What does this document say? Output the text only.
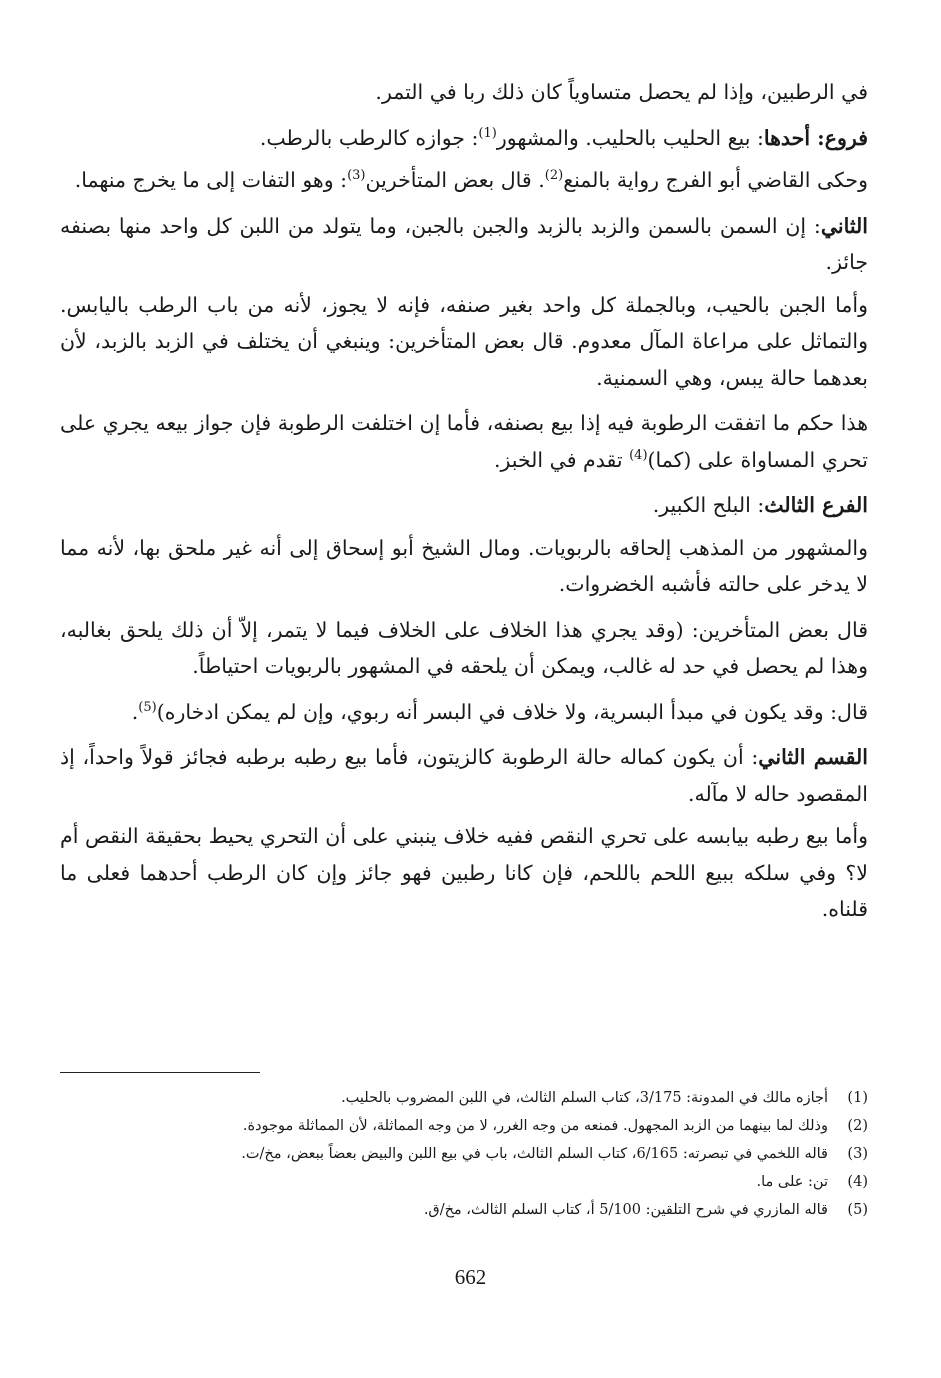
في الرطبين، وإذا لم يحصل متساوياً كان ذلك ربا في التمر.

فروع: أحدها: بيع الحليب بالحليب. والمشهور$^{(1)}$: جوازه كالرطب بالرطب.

وحكى القاضي أبو الفرج رواية بالمنع$^{(2)}$. قال بعض المتأخرين$^{(3)}$: وهو التفات إلى ما يخرج منهما.

الثاني: إن السمن بالسمن والزبد بالزبد والجبن بالجبن، وما يتولد من اللبن كل واحد منها بصنفه جائز.

وأما الجبن بالحيب، وبالجملة كل واحد بغير صنفه، فإنه لا يجوز، لأنه من باب الرطب باليابس. والتماثل على مراعاة المآل معدوم. قال بعض المتأخرين: وينبغي أن يختلف في الزبد بالزبد، لأن بعدهما حالة يبس، وهي السمنية.

هذا حكم ما اتفقت الرطوبة فيه إذا بيع بصنفه، فأما إن اختلفت الرطوبة فإن جواز بيعه يجري على تحري المساواة على (كما)$^{(4)}$ تقدم في الخبز.

الفرع الثالث: البلح الكبير.

والمشهور من المذهب إلحاقه بالربويات. ومال الشيخ أبو إسحاق إلى أنه غير ملحق بها، لأنه مما لا يدخر على حالته فأشبه الخضروات.

قال بعض المتأخرين: (وقد يجري هذا الخلاف على الخلاف فيما لا يتمر، إلاّ أن ذلك يلحق بغالبه، وهذا لم يحصل في حد له غالب، ويمكن أن يلحقه في المشهور بالربويات احتياطاً.

قال: وقد يكون في مبدأ البسرية، ولا خلاف في البسر أنه ربوي، وإن لم يمكن ادخاره)$^{(5)}$.

القسم الثاني: أن يكون كماله حالة الرطوبة كالزيتون، فأما بيع رطبه برطبه فجائز قولاً واحداً، إذ المقصود حاله لا مآله.

وأما بيع رطبه بيابسه على تحري النقص ففيه خلاف ينبني على أن التحري يحيط بحقيقة النقص أم لا؟ وفي سلكه ببيع اللحم باللحم، فإن كانا رطبين فهو جائز وإن كان الرطب أحدهما فعلى ما قلناه.

(1)
أجازه مالك في المدونة: 3/175، كتاب السلم الثالث، في اللبن المضروب بالحليب.
(2)
وذلك لما بينهما من الزبد المجهول. فمنعه من وجه الغرر، لا من وجه المماثلة، لأن المماثلة موجودة.
(3)
قاله اللخمي في تبصرته: 6/165، كتاب السلم الثالث، باب في بيع اللبن والبيض بعضاً ببعض، مخ/ت.
(4)
تن: على ما.
(5)
قاله المازري في شرح التلقين: 5/100 أ، كتاب السلم الثالث، مخ/ق.
662
